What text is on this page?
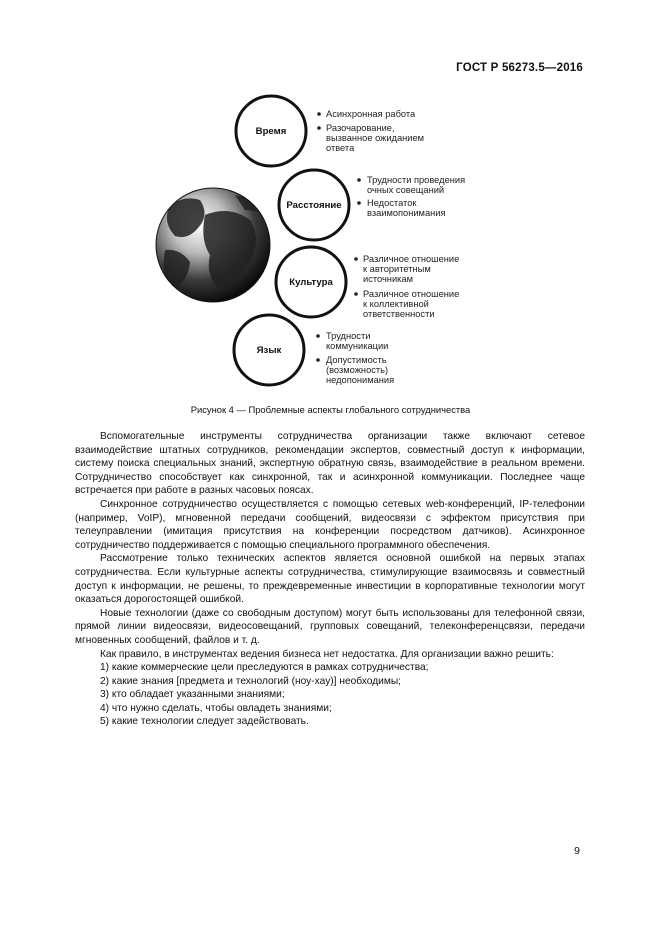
ГОСТ Р 56273.5—2016
Время
Расстояние
Культура
Язык
Асинхронная работа
Разочарование,
вызванное ожиданием
ответа
Трудности проведения
очных совещаний
Недостаток
взаимопонимания
Различное отношение
к авторитетным
источникам
Различное отношение
к коллективной
ответственности
Трудности
коммуникации
Допустимость
(возможность)
недопонимания
Рисунок 4 — Проблемные аспекты глобального сотрудничества

Вспомогательные инструменты сотрудничества организации также включают сетевое взаимодействие штатных сотрудников, рекомендации экспертов, совместный доступ к информации, систему поиска специальных знаний, экспертную обратную связь, взаимодействие в реальном времени. Сотрудничество способствует как синхронной, так и асинхронной коммуникации. Последнее чаще встречается при работе в разных часовых поясах.

Синхронное сотрудничество осуществляется с помощью сетевых web-конференций, IP-телефонии (например, VoIP), мгновенной передачи сообщений, видеосвязи с эффектом присутствия при телеуправлении (имитация присутствия на конференции посредством датчиков). Асинхронное сотрудничество поддерживается с помощью специального программного обеспечения.

Рассмотрение только технических аспектов является основной ошибкой на первых этапах сотрудничества. Если культурные аспекты сотрудничества, стимулирующие взаимосвязь и совместный доступ к информации, не решены, то преждевременные инвестиции в корпоративные технологии могут оказаться дорогостоящей ошибкой.

Новые технологии (даже со свободным доступом) могут быть использованы для телефонной связи, прямой линии видеосвязи, видеосовещаний, групповых совещаний, телеконференцсвязи, передачи мгновенных сообщений, файлов и т. д.

Как правило, в инструментах ведения бизнеса нет недостатка. Для организации важно решить:

1) какие коммерческие цели преследуются в рамках сотрудничества;

2) какие знания [предмета и технологий (ноу-хау)] необходимы;

3) кто обладает указанными знаниями;

4) что нужно сделать, чтобы овладеть знаниями;

5) какие технологии следует задействовать.

9
